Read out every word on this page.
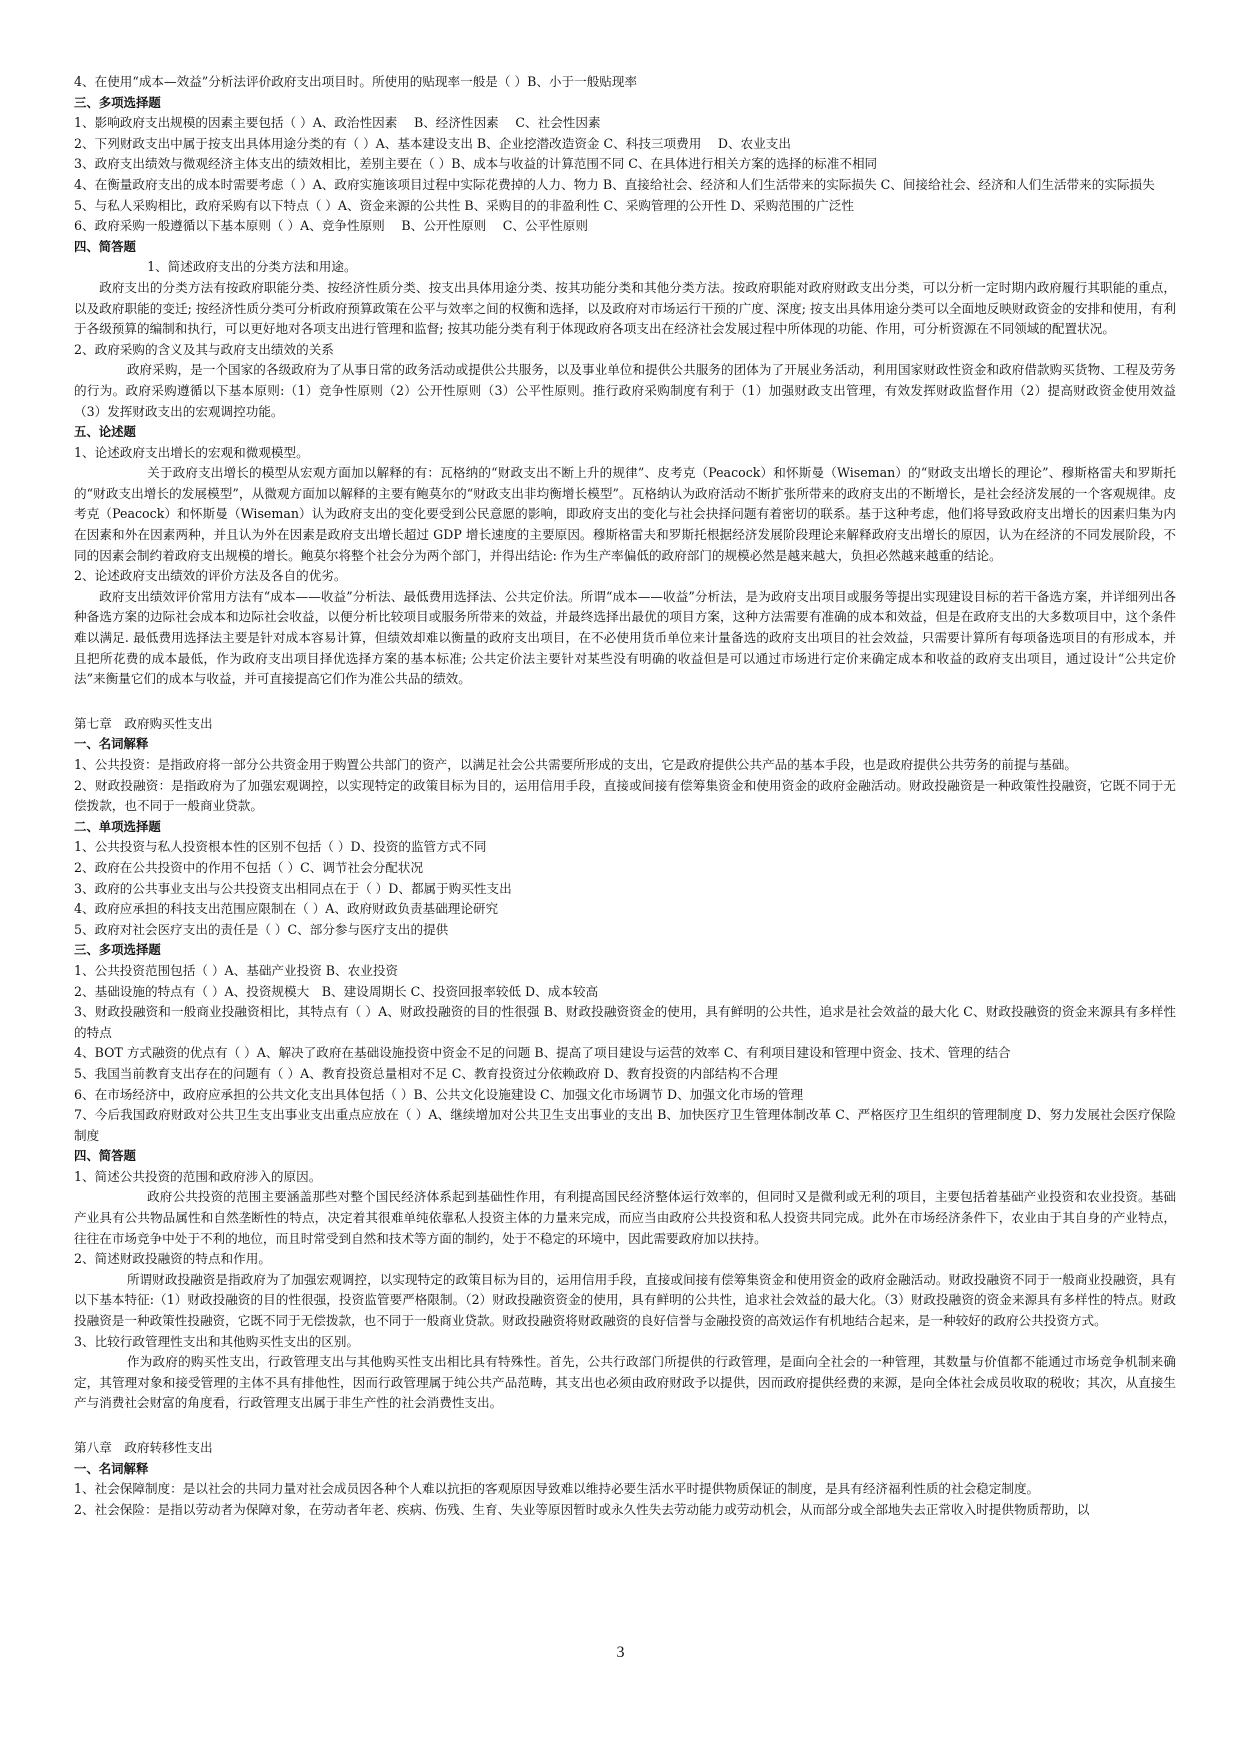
4、在使用“成本—效益”分析法评价政府支出项目时。所使用的贴现率一般是（ ）B、小于一般贴现率

三、多项选择题

1、影响政府支出规模的因素主要包括（ ）A、政治性因素　 B、经济性因素　 C、社会性因素

2、下列财政支出中属于按支出具体用途分类的有（ ）A、基本建设支出 B、企业挖潜改造资金 C、科技三项费用　 D、农业支出

3、政府支出绩效与微观经济主体支出的绩效相比，差别主要在（ ）B、成本与收益的计算范围不同 C、在具体进行相关方案的选择的标准不相同

4、在衡量政府支出的成本时需要考虑（ ）A、政府实施该项目过程中实际花费掉的人力、物力 B、直接给社会、经济和人们生活带来的实际损失 C、间接给社会、经济和人们生活带来的实际损失

5、与私人采购相比，政府采购有以下特点（ ）A、资金来源的公共性 B、采购目的的非盈利性 C、采购管理的公开性 D、采购范围的广泛性

6、政府采购一般遵循以下基本原则（ ）A、竞争性原则　 B、公开性原则　 C、公平性原则

四、简答题

1、简述政府支出的分类方法和用途。

政府支出的分类方法有按政府职能分类、按经济性质分类、按支出具体用途分类、按其功能分类和其他分类方法。按政府职能对政府财政支出分类，可以分析一定时期内政府履行其职能的重点，以及政府职能的变迁; 按经济性质分类可分析政府预算政策在公平与效率之间的权衡和选择，以及政府对市场运行干预的广度、深度; 按支出具体用途分类可以全面地反映财政资金的安排和使用，有利于各级预算的编制和执行，可以更好地对各项支出进行管理和监督; 按其功能分类有利于体现政府各项支出在经济社会发展过程中所体现的功能、作用，可分析资源在不同领域的配置状况。

2、政府采购的含义及其与政府支出绩效的关系

政府采购，是一个国家的各级政府为了从事日常的政务活动或提供公共服务，以及事业单位和提供公共服务的团体为了开展业务活动，利用国家财政性资金和政府借款购买货物、工程及劳务的行为。政府采购遵循以下基本原则:（1）竞争性原则（2）公开性原则（3）公平性原则。推行政府采购制度有利于（1）加强财政支出管理，有效发挥财政监督作用（2）提高财政资金使用效益（3）发挥财政支出的宏观调控功能。

五、论述题

1、论述政府支出增长的宏观和微观模型。

关于政府支出增长的模型从宏观方面加以解释的有：瓦格纳的“财政支出不断上升的规律”、皮考克（Peacock）和怀斯曼（Wiseman）的“财政支出增长的理论”、穆斯格雷夫和罗斯托的“财政支出增长的发展模型”，从微观方面加以解释的主要有鲍莫尔的“财政支出非均衡增长模型”。瓦格纳认为政府活动不断扩张所带来的政府支出的不断增长，是社会经济发展的一个客观规律。皮考克（Peacock）和怀斯曼（Wiseman）认为政府支出的变化要受到公民意愿的影响，即政府支出的变化与社会抉择问题有着密切的联系。基于这种考虑，他们将导致政府支出增长的因素归集为内在因素和外在因素两种，并且认为外在因素是政府支出增长超过 GDP 增长速度的主要原因。穆斯格雷夫和罗斯托根据经济发展阶段理论来解释政府支出增长的原因，认为在经济的不同发展阶段，不同的因素会制约着政府支出规模的增长。鲍莫尔将整个社会分为两个部门，并得出结论: 作为生产率偏低的政府部门的规模必然是越来越大，负担必然越来越重的结论。

2、论述政府支出绩效的评价方法及各自的优劣。

政府支出绩效评价常用方法有“成本——收益”分析法、最低费用选择法、公共定价法。所谓“成本——收益”分析法，是为政府支出项目或服务等提出实现建设目标的若干备选方案，并详细列出各种备选方案的边际社会成本和边际社会收益，以便分析比较项目或服务所带来的效益，并最终选择出最优的项目方案，这种方法需要有准确的成本和效益，但是在政府支出的大多数项目中，这个条件难以满足. 最低费用选择法主要是针对成本容易计算，但绩效却难以衡量的政府支出项目，在不必使用货币单位来计量备选的政府支出项目的社会效益，只需要计算所有每项备选项目的有形成本，并且把所花费的成本最低，作为政府支出项目择优选择方案的基本标准; 公共定价法主要针对某些没有明确的收益但是可以通过市场进行定价来确定成本和收益的政府支出项目，通过设计“公共定价法”来衡量它们的成本与收益，并可直接提高它们作为准公共品的绩效。

第七章　政府购买性支出

一、名词解释

1、公共投资：是指政府将一部分公共资金用于购置公共部门的资产，以满足社会公共需要所形成的支出，它是政府提供公共产品的基本手段，也是政府提供公共劳务的前提与基础。

2、财政投融资：是指政府为了加强宏观调控，以实现特定的政策目标为目的，运用信用手段，直接或间接有偿筹集资金和使用资金的政府金融活动。财政投融资是一种政策性投融资，它既不同于无偿拨款，也不同于一般商业贷款。

二、单项选择题

1、公共投资与私人投资根本性的区别不包括（ ）D、投资的监管方式不同

2、政府在公共投资中的作用不包括（ ）C、调节社会分配状况

3、政府的公共事业支出与公共投资支出相同点在于（ ）D、都属于购买性支出

4、政府应承担的科技支出范围应限制在（ ）A、政府财政负责基础理论研究

5、政府对社会医疗支出的责任是（ ）C、部分参与医疗支出的提供

三、多项选择题

1、公共投资范围包括（ ）A、基础产业投资 B、农业投资

2、基础设施的特点有（ ）A、投资规模大　B、建设周期长 C、投资回报率较低 D、成本较高

3、财政投融资和一般商业投融资相比，其特点有（ ）A、财政投融资的目的性很强 B、财政投融资资金的使用，具有鲜明的公共性，追求是社会效益的最大化 C、财政投融资的资金来源具有多样性的特点

4、BOT 方式融资的优点有（ ）A、解决了政府在基础设施投资中资金不足的问题 B、提高了项目建设与运营的效率 C、有利项目建设和管理中资金、技术、管理的结合

5、我国当前教育支出存在的问题有（ ）A、教育投资总量相对不足 C、教育投资过分依赖政府 D、教育投资的内部结构不合理

6、在市场经济中，政府应承担的公共文化支出具体包括（ ）B、公共文化设施建设 C、加强文化市场调节 D、加强文化市场的管理

7、今后我国政府财政对公共卫生支出事业支出重点应放在（ ）A、继续增加对公共卫生支出事业的支出 B、加快医疗卫生管理体制改革 C、严格医疗卫生组织的管理制度 D、努力发展社会医疗保险制度

四、简答题

1、简述公共投资的范围和政府涉入的原因。

政府公共投资的范围主要涵盖那些对整个国民经济体系起到基础性作用，有利提高国民经济整体运行效率的，但同时又是微利或无利的项目，主要包括着基础产业投资和农业投资。基础产业具有公共物品属性和自然垄断性的特点，决定着其很难单纯依靠私人投资主体的力量来完成，而应当由政府公共投资和私人投资共同完成。此外在市场经济条件下，农业由于其自身的产业特点，往往在市场竞争中处于不利的地位，而且时常受到自然和技术等方面的制约，处于不稳定的环境中，因此需要政府加以扶持。

2、简述财政投融资的特点和作用。

所谓财政投融资是指政府为了加强宏观调控，以实现特定的政策目标为目的，运用信用手段，直接或间接有偿筹集资金和使用资金的政府金融活动。财政投融资不同于一般商业投融资，具有以下基本特征:（1）财政投融资的目的性很强，投资监管要严格限制。（2）财政投融资资金的使用，具有鲜明的公共性，追求社会效益的最大化。（3）财政投融资的资金来源具有多样性的特点。财政投融资是一种政策性投融资，它既不同于无偿拨款，也不同于一般商业贷款。财政投融资将财政融资的良好信誉与金融投资的高效运作有机地结合起来，是一种较好的政府公共投资方式。

3、比较行政管理性支出和其他购买性支出的区别。

作为政府的购买性支出，行政管理支出与其他购买性支出相比具有特殊性。首先，公共行政部门所提供的行政管理，是面向全社会的一种管理，其数量与价值都不能通过市场竞争机制来确定，其管理对象和接受管理的主体不具有排他性，因而行政管理属于纯公共产品范畴，其支出也必须由政府财政予以提供，因而政府提供经费的来源，是向全体社会成员收取的税收；其次，从直接生产与消费社会财富的角度看，行政管理支出属于非生产性的社会消费性支出。

第八章　政府转移性支出

一、名词解释

1、社会保障制度：是以社会的共同力量对社会成员因各种个人难以抗拒的客观原因导致难以维持必要生活水平时提供物质保证的制度，是具有经济福利性质的社会稳定制度。

2、社会保险：是指以劳动者为保障对象，在劳动者年老、疾病、伤残、生育、失业等原因暂时或永久性失去劳动能力或劳动机会，从而部分或全部地失去正常收入时提供物质帮助，以

3
